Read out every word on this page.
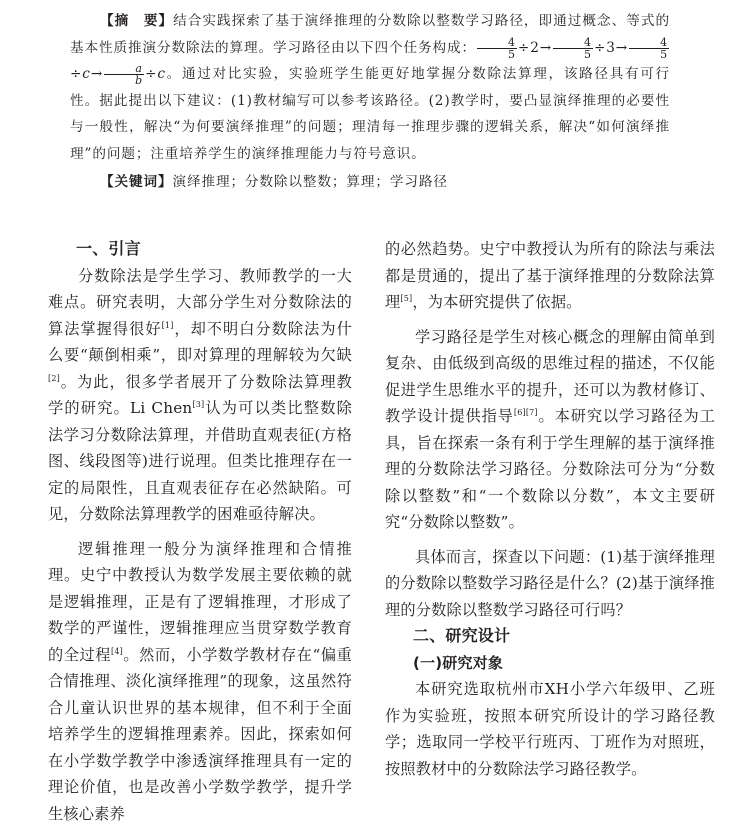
【摘　要】结合实践探索了基于演绎推理的分数除以整数学习路径，即通过概念、等式的基本性质推演分数除法的算理。学习路径由以下四个任务构成： $\frac{4}{5} \div 2\to \frac{4}{5} \div 3\to \frac{4}{5}$
$\div c\to \frac{a}{b} \div c$。通过对比实验，实验班学生能更好地掌握分数除法算理，该路径具有可行性。据此提出以下建议：(1)教材编写可以参考该路径。(2)教学时，要凸显演绎推理的必要性与一般性，解决“为何要演绎推理”的问题；理清每一推理步骤的逻辑关系，解决“如何演绎推理”的问题；注重培养学生的演绎推理能力与符号意识。

【关键词】演绎推理；分数除以整数；算理；学习路径

一、引言

分数除法是学生学习、教师教学的一大难点。研究表明，大部分学生对分数除法的算法掌握得很好[1]，却不明白分数除法为什么要“颠倒相乘”，即对算理的理解较为欠缺[2]。为此，很多学者展开了分数除法算理教学的研究。Li Chen[3]认为可以类比整数除法学习分数除法算理，并借助直观表征(方格图、线段图等)进行说理。但类比推理存在一定的局限性，且直观表征存在必然缺陷。可见，分数除法算理教学的困难亟待解决。

逻辑推理一般分为演绎推理和合情推理。史宁中教授认为数学发展主要依赖的就是逻辑推理，正是有了逻辑推理，才形成了数学的严谨性，逻辑推理应当贯穿数学教育的全过程[4]。然而，小学数学教材存在“偏重合情推理、淡化演绎推理”的现象，这虽然符合儿童认识世界的基本规律，但不利于全面培养学生的逻辑推理素养。因此，探索如何在小学数学教学中渗透演绎推理具有一定的理论价值，也是改善小学数学教学，提升学生核心素养

的必然趋势。史宁中教授认为所有的除法与乘法都是贯通的，提出了基于演绎推理的分数除法算理[5]，为本研究提供了依据。

学习路径是学生对核心概念的理解由简单到复杂、由低级到高级的思维过程的描述，不仅能促进学生思维水平的提升，还可以为教材修订、教学设计提供指导[6][7]。本研究以学习路径为工具，旨在探索一条有利于学生理解的基于演绎推理的分数除法学习路径。分数除法可分为“分数除以整数”和“一个数除以分数”，本文主要研究“分数除以整数”。

具体而言，探查以下问题：(1)基于演绎推理的分数除以整数学习路径是什么？(2)基于演绎推理的分数除以整数学习路径可行吗？

二、研究设计
(一)研究对象

本研究选取杭州市XH小学六年级甲、乙班作为实验班，按照本研究所设计的学习路径教学；选取同一学校平行班丙、丁班作为对照班，按照教材中的分数除法学习路径教学。
